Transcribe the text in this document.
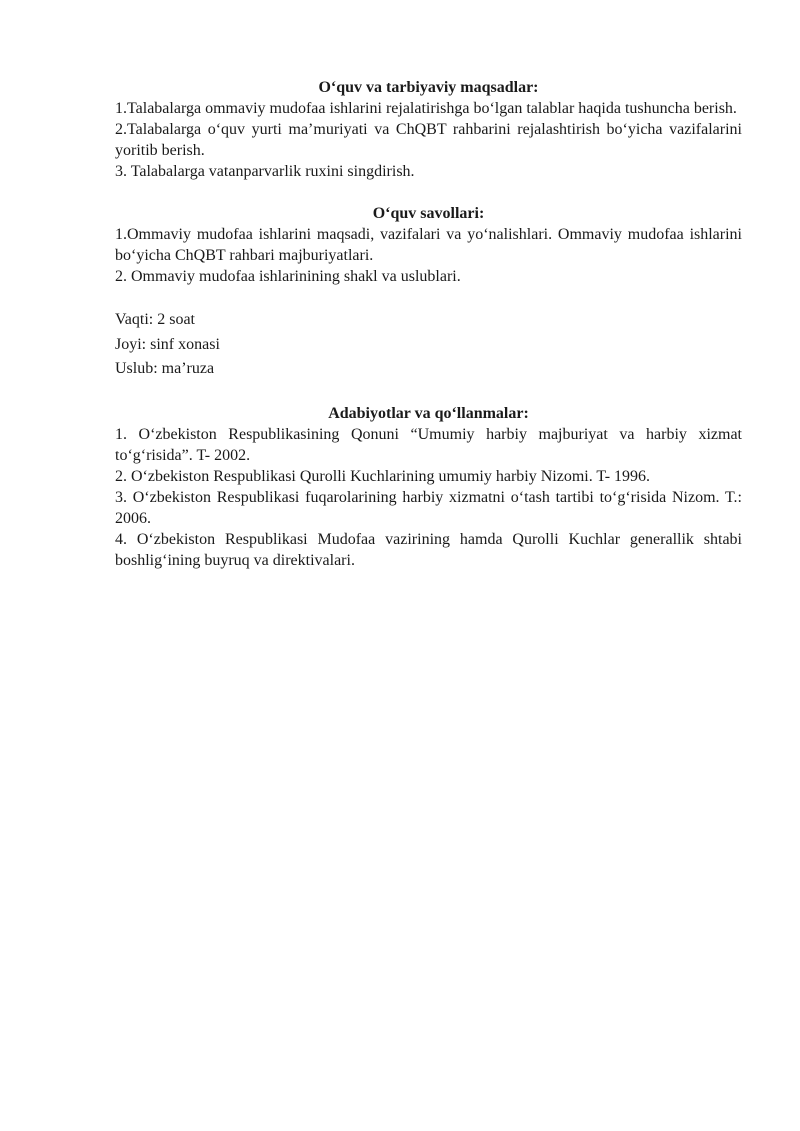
O‘quv va tarbiyaviy maqsadlar:

1.Talabalarga ommaviy mudofaa ishlarini rejalatirishga bo‘lgan talablar haqida tushuncha berish.

2.Talabalarga o‘quv yurti ma’muriyati va ChQBT rahbarini rejalashtirish bo‘yicha vazifalarini yoritib berish.

3. Talabalarga vatanparvarlik ruxini singdirish.

O‘quv savollari:

1.Ommaviy mudofaa ishlarini maqsadi, vazifalari va yo‘nalishlari. Ommaviy mudofaa ishlarini bo‘yicha ChQBT rahbari majburiyatlari.

2. Ommaviy mudofaa ishlarinining shakl va uslublari.

Vaqti: 2 soat

Joyi: sinf xonasi

Uslub: ma’ruza

Adabiyotlar va qo‘llanmalar:

1. O‘zbekiston Respublikasining Qonuni “Umumiy harbiy majburiyat va harbiy xizmat to‘g‘risida”. T- 2002.

2. O‘zbekiston Respublikasi Qurolli Kuchlarining umumiy harbiy Nizomi. T- 1996.

3. O‘zbekiston Respublikasi fuqarolarining harbiy xizmatni o‘tash tartibi to‘g‘risida Nizom. T.: 2006.

4. O‘zbekiston Respublikasi Mudofaa vazirining hamda Qurolli Kuchlar generallik shtabi boshlig‘ining buyruq va direktivalari.
